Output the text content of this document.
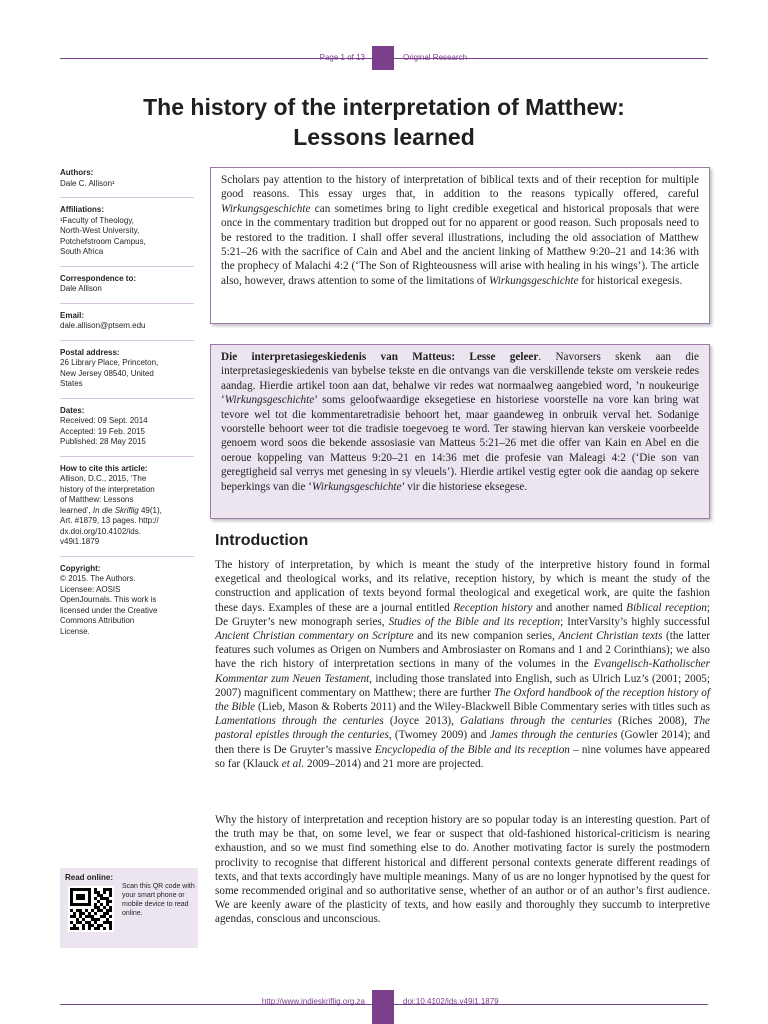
Page 1 of 13	Original Research
The history of the interpretation of Matthew:
Lessons learned
Authors:
Dale C. Allison¹
Affiliations:
¹Faculty of Theology,
North-West University,
Potchefstroom Campus,
South Africa
Correspondence to:
Dale Allison
Email:
dale.allison@ptsem.edu
Postal address:
26 Library Place, Princeton,
New Jersey 08540, United
States
Dates:
Received: 09 Sept. 2014
Accepted: 19 Feb. 2015
Published: 28 May 2015
How to cite this article:
Allison, D.C., 2015, ‘The
history of the interpretation
of Matthew: Lessons
learned’, In die Skriflig 49(1),
Art. #1879, 13 pages. http://
dx.doi.org/10.4102/ids.
v49i1.1879
Copyright:
© 2015. The Authors.
Licensee: AOSIS
OpenJournals. This work is
licensed under the Creative
Commons Attribution
License.
Read online:
Scan this QR code with your smart phone or mobile device to read online.
Scholars pay attention to the history of interpretation of biblical texts and of their reception for multiple good reasons. This essay urges that, in addition to the reasons typically offered, careful Wirkungsgeschichte can sometimes bring to light credible exegetical and historical proposals that were once in the commentary tradition but dropped out for no apparent or good reason. Such proposals need to be restored to the tradition. I shall offer several illustrations, including the old association of Matthew 5:21–26 with the sacrifice of Cain and Abel and the ancient linking of Matthew 9:20–21 and 14:36 with the prophecy of Malachi 4:2 (‘The Son of Righteousness will arise with healing in his wings’). The article also, however, draws attention to some of the limitations of Wirkungsgeschichte for historical exegesis.
Die interpretasiegeskiedenis van Matteus: Lesse geleer. Navorsers skenk aan die interpretasiegeskiedenis van bybelse tekste en die ontvangs van die verskillende tekste om verskeie redes aandag. Hierdie artikel toon aan dat, behalwe vir redes wat normaalweg aangebied word, ’n noukeurige ‘Wirkungsgeschichte’ soms geloofwaardige eksegetiese en historiese voorstelle na vore kan bring wat tevore wel tot die kommentaretradisie behoort het, maar gaandeweg in onbruik verval het. Sodanige voorstelle behoort weer tot die tradisie toegevoeg te word. Ter stawing hiervan kan verskeie voorbeelde genoem word soos die bekende assosiasie van Matteus 5:21–26 met die offer van Kain en Abel en die oeroue koppeling van Matteus 9:20–21 en 14:36 met die profesie van Maleagi 4:2 (‘Die son van geregtigheid sal verrys met genesing in sy vleuels’). Hierdie artikel vestig egter ook die aandag op sekere beperkings van die ‘Wirkungsgeschichte’ vir die historiese eksegese.
Introduction

The history of interpretation, by which is meant the study of the interpretive history found in formal exegetical and theological works, and its relative, reception history, by which is meant the study of the construction and application of texts beyond formal theological and exegetical work, are quite the fashion these days. Examples of these are a journal entitled Reception history and another named Biblical reception; De Gruyter’s new monograph series, Studies of the Bible and its reception; InterVarsity’s highly successful Ancient Christian commentary on Scripture and its new companion series, Ancient Christian texts (the latter features such volumes as Origen on Numbers and Ambrosiaster on Romans and 1 and 2 Corinthians); we also have the rich history of interpretation sections in many of the volumes in the Evangelisch-Katholischer Kommentar zum Neuen Testament, including those translated into English, such as Ulrich Luz’s (2001; 2005; 2007) magnificent commentary on Matthew; there are further The Oxford handbook of the reception history of the Bible (Lieb, Mason & Roberts 2011) and the Wiley-Blackwell Bible Commentary series with titles such as Lamentations through the centuries (Joyce 2013), Galatians through the centuries (Riches 2008), The pastoral epistles through the centuries, (Twomey 2009) and James through the centuries (Gowler 2014); and then there is De Gruyter’s massive Encyclopedia of the Bible and its reception – nine volumes have appeared so far (Klauck et al. 2009–2014) and 21 more are projected.

Why the history of interpretation and reception history are so popular today is an interesting question. Part of the truth may be that, on some level, we fear or suspect that old-fashioned historical-criticism is nearing exhaustion, and so we must find something else to do. Another motivating factor is surely the postmodern proclivity to recognise that different historical and different personal contexts generate different readings of texts, and that texts accordingly have multiple meanings. Many of us are no longer hypnotised by the quest for some recommended original and so authoritative sense, whether of an author or of an author’s first audience. We are keenly aware of the plasticity of texts, and how easily and thoroughly they succumb to interpretive agendas, conscious and unconscious.

http://www.indieskriflig.org.za	doi:10.4102/ids.v49i1.1879
